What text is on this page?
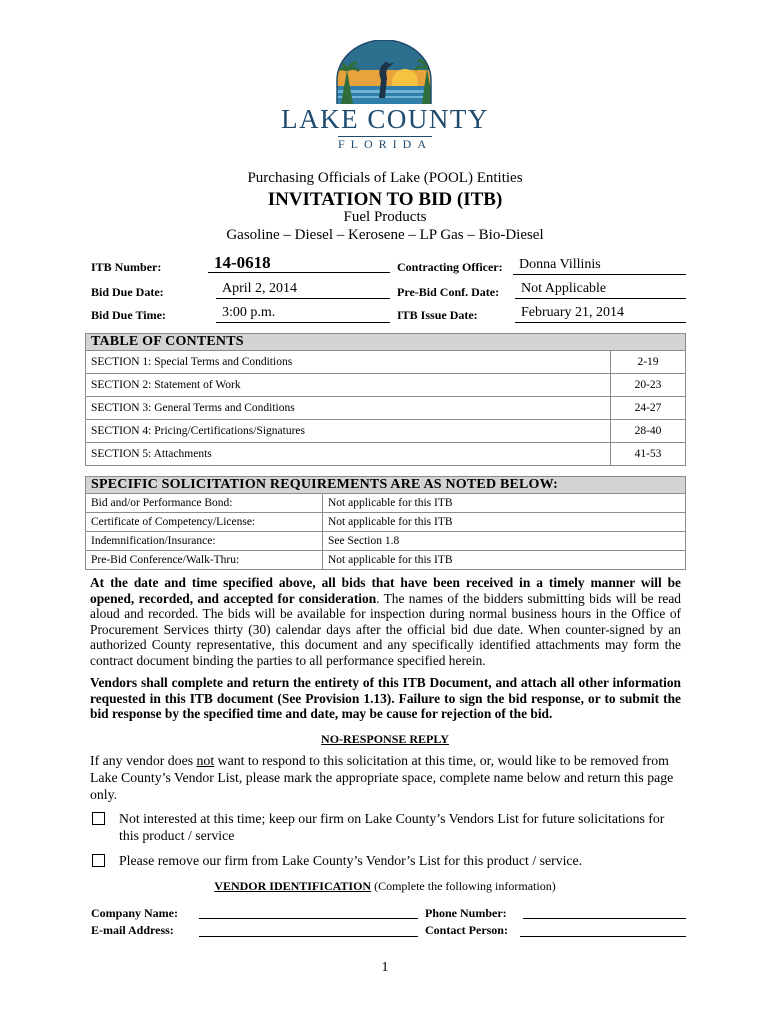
LAKE COUNTY
FLORIDA
Purchasing Officials of Lake (POOL) Entities
INVITATION TO BID (ITB)
Fuel Products
Gasoline – Diesel – Kerosene – LP Gas – Bio-Diesel
ITB Number:	14-0618	Contracting Officer:	Donna Villinis
Bid Due Date:	April 2, 2014	Pre-Bid Conf. Date:	Not Applicable
Bid Due Time:	3:00 p.m.	ITB Issue Date:	February 21, 2014
TABLE OF CONTENTS	
SECTION 1: Special Terms and Conditions	2-19
SECTION 2: Statement of Work	20-23
SECTION 3: General Terms and Conditions	24-27
SECTION 4: Pricing/Certifications/Signatures	28-40
SECTION 5: Attachments	41-53
SPECIFIC SOLICITATION REQUIREMENTS ARE AS NOTED BELOW:	
Bid and/or Performance Bond:	Not applicable for this ITB
Certificate of Competency/License:	Not applicable for this ITB
Indemnification/Insurance:	See Section 1.8
Pre-Bid Conference/Walk-Thru:	Not applicable for this ITB
At the date and time specified above, all bids that have been received in a timely manner will be opened, recorded, and accepted for consideration. The names of the bidders submitting bids will be read aloud and recorded. The bids will be available for inspection during normal business hours in the Office of Procurement Services thirty (30) calendar days after the official bid due date. When counter-signed by an authorized County representative, this document and any specifically identified attachments may form the contract document binding the parties to all performance specified herein.
Vendors shall complete and return the entirety of this ITB Document, and attach all other information requested in this ITB document (See Provision 1.13). Failure to sign the bid response, or to submit the bid response by the specified time and date, may be cause for rejection of the bid.
NO-RESPONSE REPLY
If any vendor does not want to respond to this solicitation at this time, or, would like to be removed from Lake County’s Vendor List, please mark the appropriate space, complete name below and return this page only.
Not interested at this time; keep our firm on Lake County’s Vendors List for future solicitations for this product / service
Please remove our firm from Lake County’s Vendor’s List for this product / service.
VENDOR IDENTIFICATION (Complete the following information)
Company Name:	Phone Number:
E-mail Address:	Contact Person:
1
